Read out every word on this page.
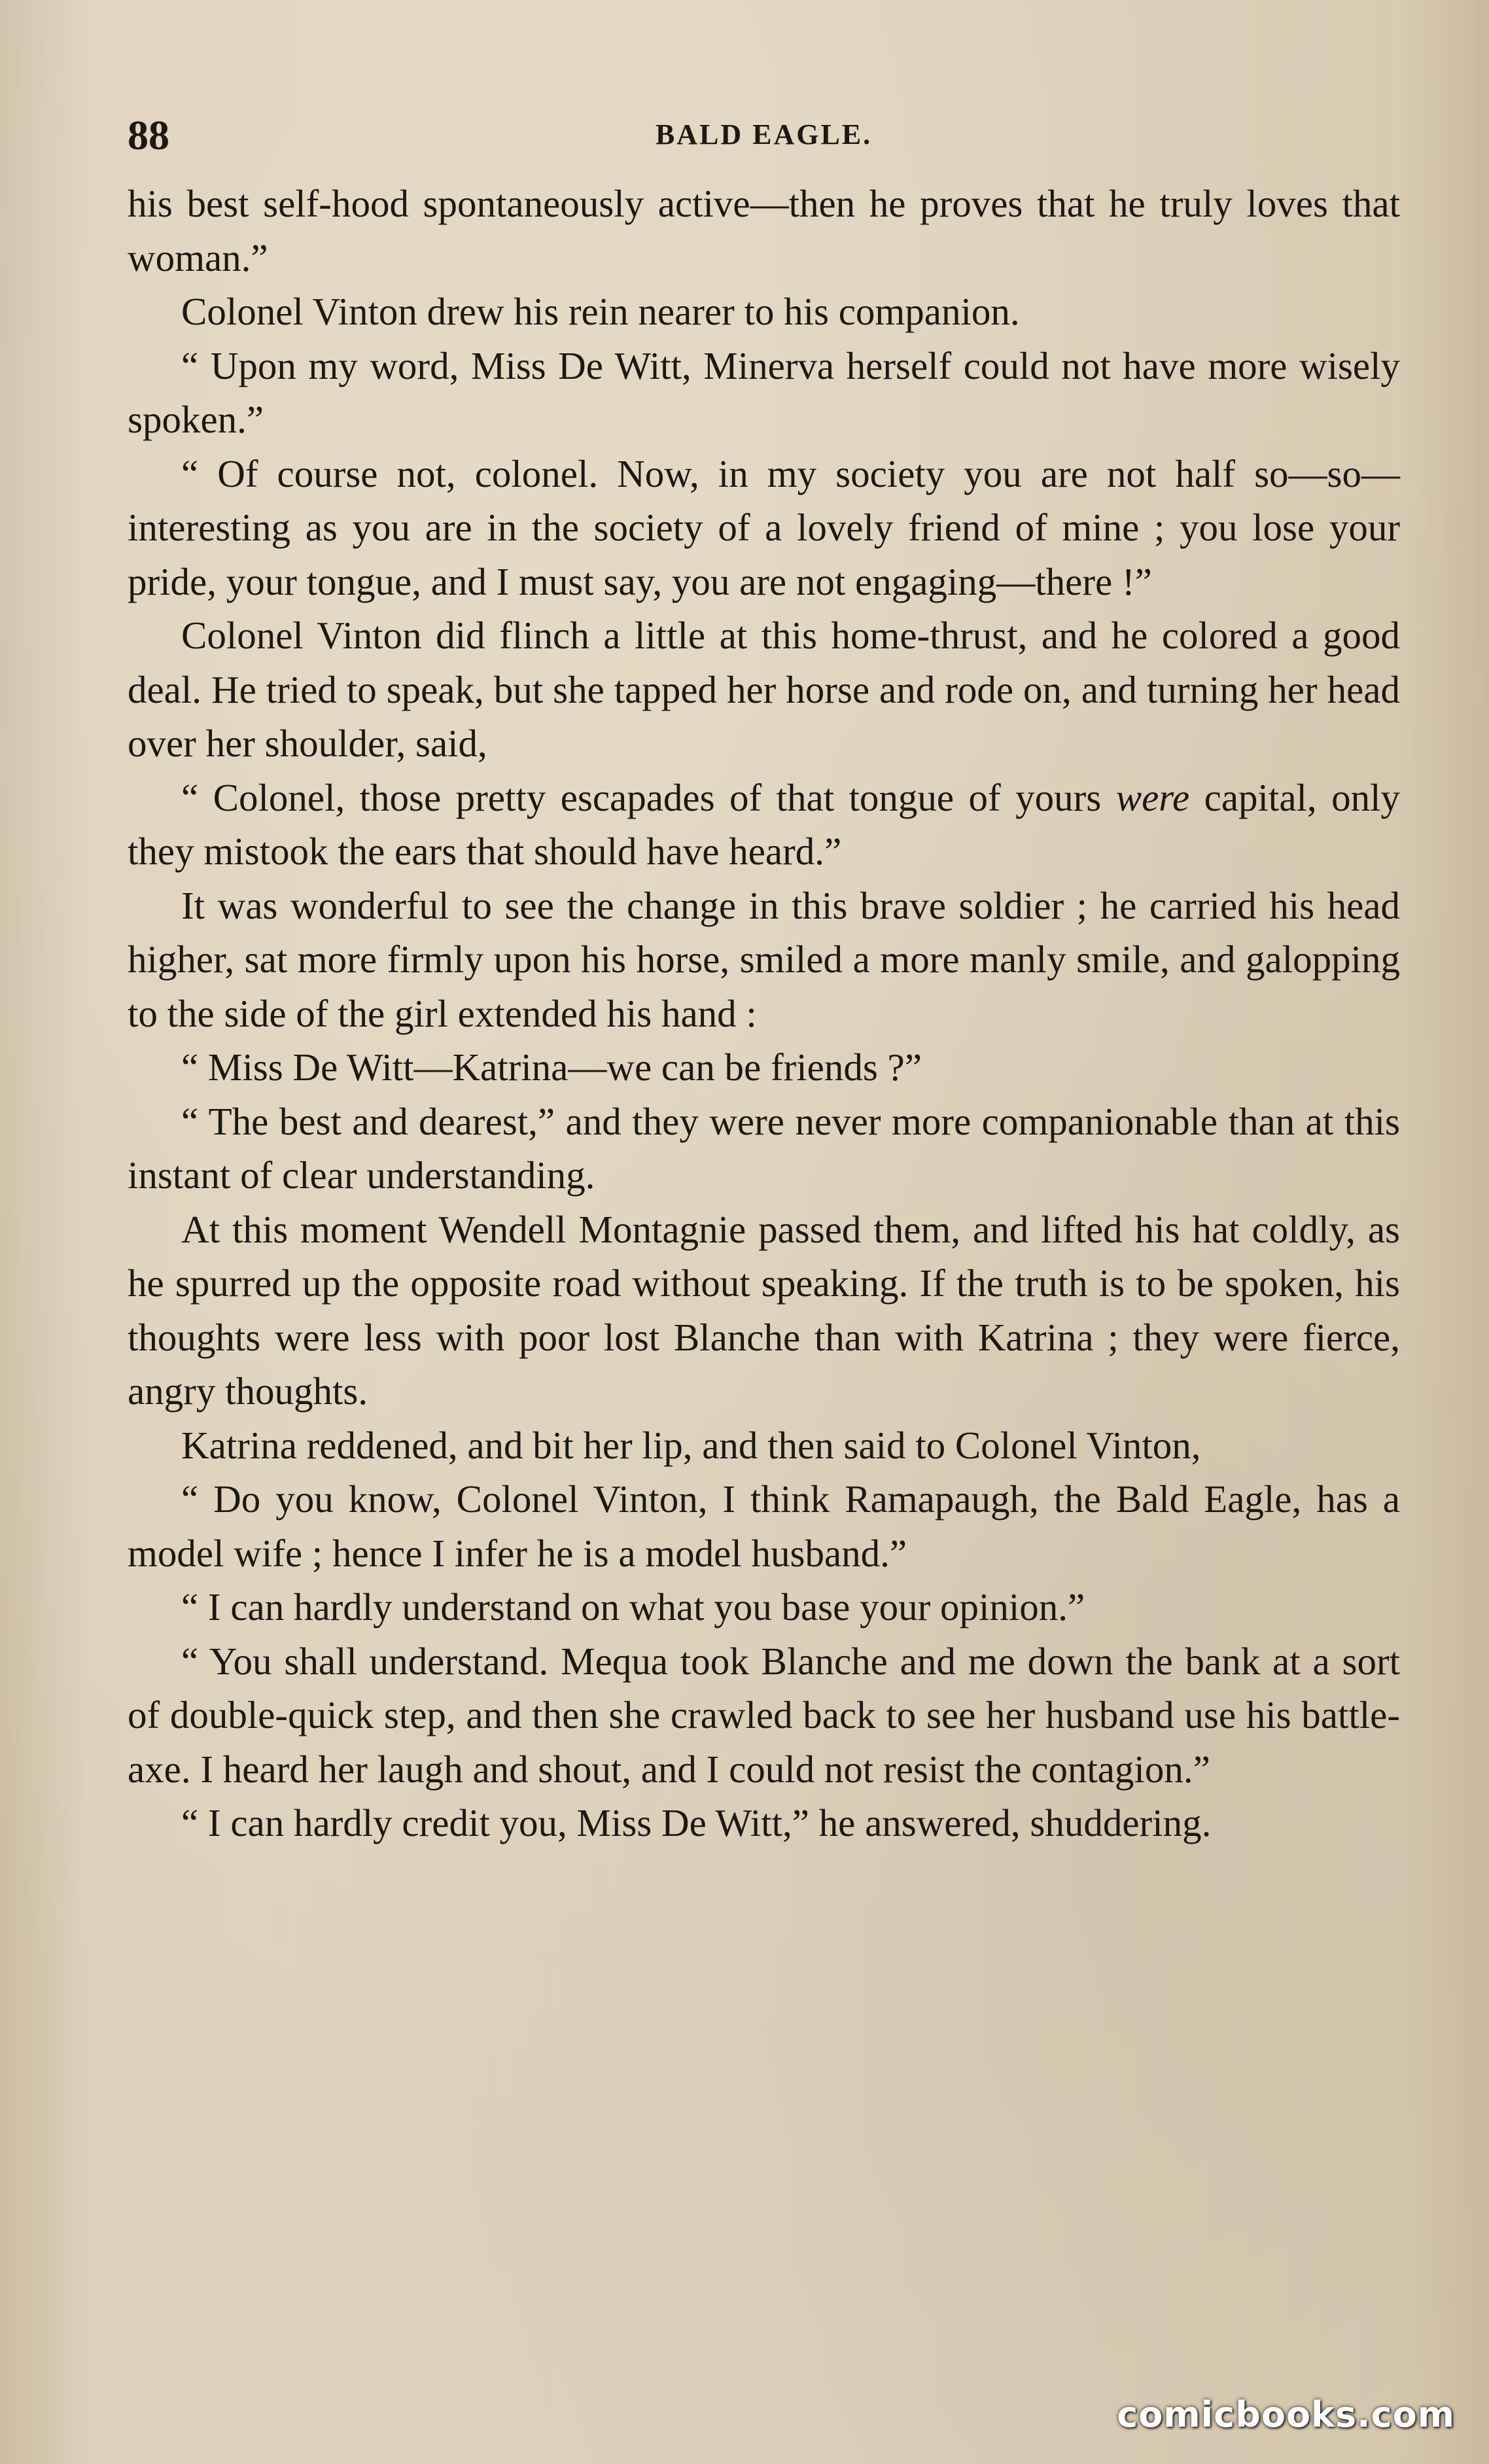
88	BALD EAGLE.

his best self-hood spontaneously active—then he proves that he truly loves that woman.”

Colonel Vinton drew his rein nearer to his companion.

“ Upon my word, Miss De Witt, Minerva herself could not have more wisely spoken.”

“ Of course not, colonel. Now, in my society you are not half so—so—interesting as you are in the society of a lovely friend of mine ; you lose your pride, your tongue, and I must say, you are not engaging—there !”

Colonel Vinton did flinch a little at this home-thrust, and he colored a good deal. He tried to speak, but she tapped her horse and rode on, and turning her head over her shoulder, said,

“ Colonel, those pretty escapades of that tongue of yours were capital, only they mistook the ears that should have heard.”

It was wonderful to see the change in this brave soldier ; he carried his head higher, sat more firmly upon his horse, smiled a more manly smile, and galopping to the side of the girl extended his hand :

“ Miss De Witt—Katrina—we can be friends ?”

“ The best and dearest,” and they were never more companionable than at this instant of clear understanding.

At this moment Wendell Montagnie passed them, and lifted his hat coldly, as he spurred up the opposite road without speaking. If the truth is to be spoken, his thoughts were less with poor lost Blanche than with Katrina ; they were fierce, angry thoughts.

Katrina reddened, and bit her lip, and then said to Colonel Vinton,

“ Do you know, Colonel Vinton, I think Ramapaugh, the Bald Eagle, has a model wife ; hence I infer he is a model husband.”

“ I can hardly understand on what you base your opinion.”

“ You shall understand. Mequa took Blanche and me down the bank at a sort of double-quick step, and then she crawled back to see her husband use his battle-axe. I heard her laugh and shout, and I could not resist the contagion.”

“ I can hardly credit you, Miss De Witt,” he answered, shuddering.

comicbooks.com
